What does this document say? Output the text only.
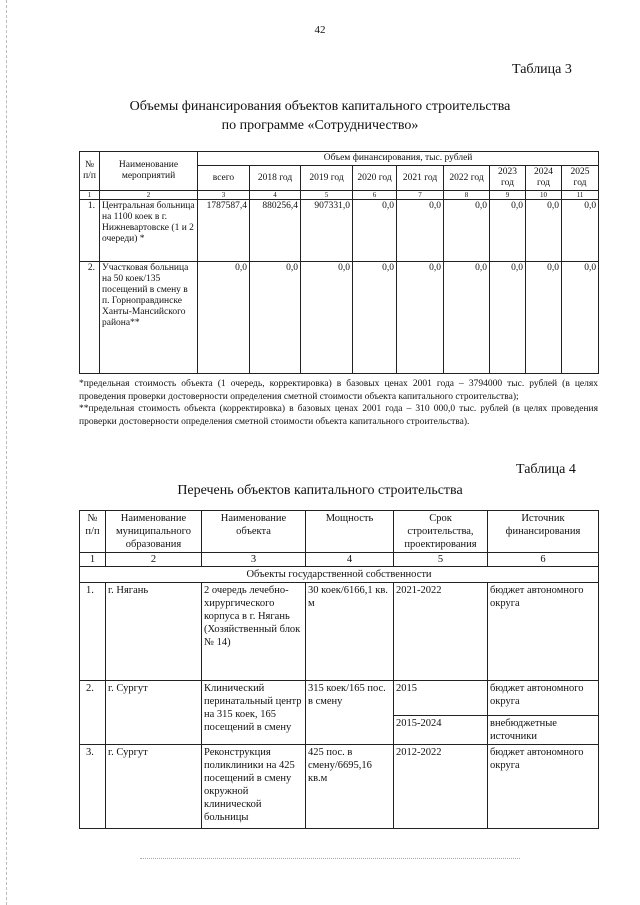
42
Таблица 3
Объемы финансирования объектов капитального строительства
по программе «Сотрудничество»
№ п/п	Наименование мероприятий	Объем финансирования, тыс. рублей								
		всего	2018 год	2019 год	2020 год	2021 год	2022 год	2023 год	2024 год	2025 год
1	2	3	4	5	6	7	8	9	10	11
1.	Центральная больница на 1100 коек в г. Нижневартовске (1 и 2 очереди) *	1787587,4	880256,4	907331,0	0,0	0,0	0,0	0,0	0,0	0,0
2.	Участковая больница на 50 коек/135 посещений в смену в п. Горноправдинске Ханты-Мансийского района**	0,0	0,0	0,0	0,0	0,0	0,0	0,0	0,0	0,0
*предельная стоимость объекта (1 очередь, корректировка) в базовых ценах 2001 года – 3794000 тыс. рублей (в целях проведения проверки достоверности определения сметной стоимости объекта капитального строительства);
**предельная стоимость объекта (корректировка) в базовых ценах 2001 года – 310 000,0 тыс. рублей (в целях проведения проверки достоверности определения сметной стоимости объекта капитального строительства).
Таблица 4
Перечень объектов капитального строительства
№ п/п	Наименование муниципального образования	Наименование объекта	Мощность	Срок строительства, проектирования	Источник финансирования
1	2	3	4	5	6
Объекты государственной собственности					
1.	г. Нягань	2 очередь лечебно-хирургического корпуса в г. Нягань (Хозяйственный блок № 14)	30 коек/6166,1 кв. м	2021-2022	бюджет автономного округа
2.	г. Сургут	Клинический перинатальный центр на 315 коек, 165 посещений в смену	315 коек/165 пос. в смену	2015	бюджет автономного округа
				2015-2024	внебюджетные источники
3.	г. Сургут	Реконструкция поликлиники на 425 посещений в смену окружной клинической больницы	425 пос. в смену/6695,16 кв.м	2012-2022	бюджет автономного округа
